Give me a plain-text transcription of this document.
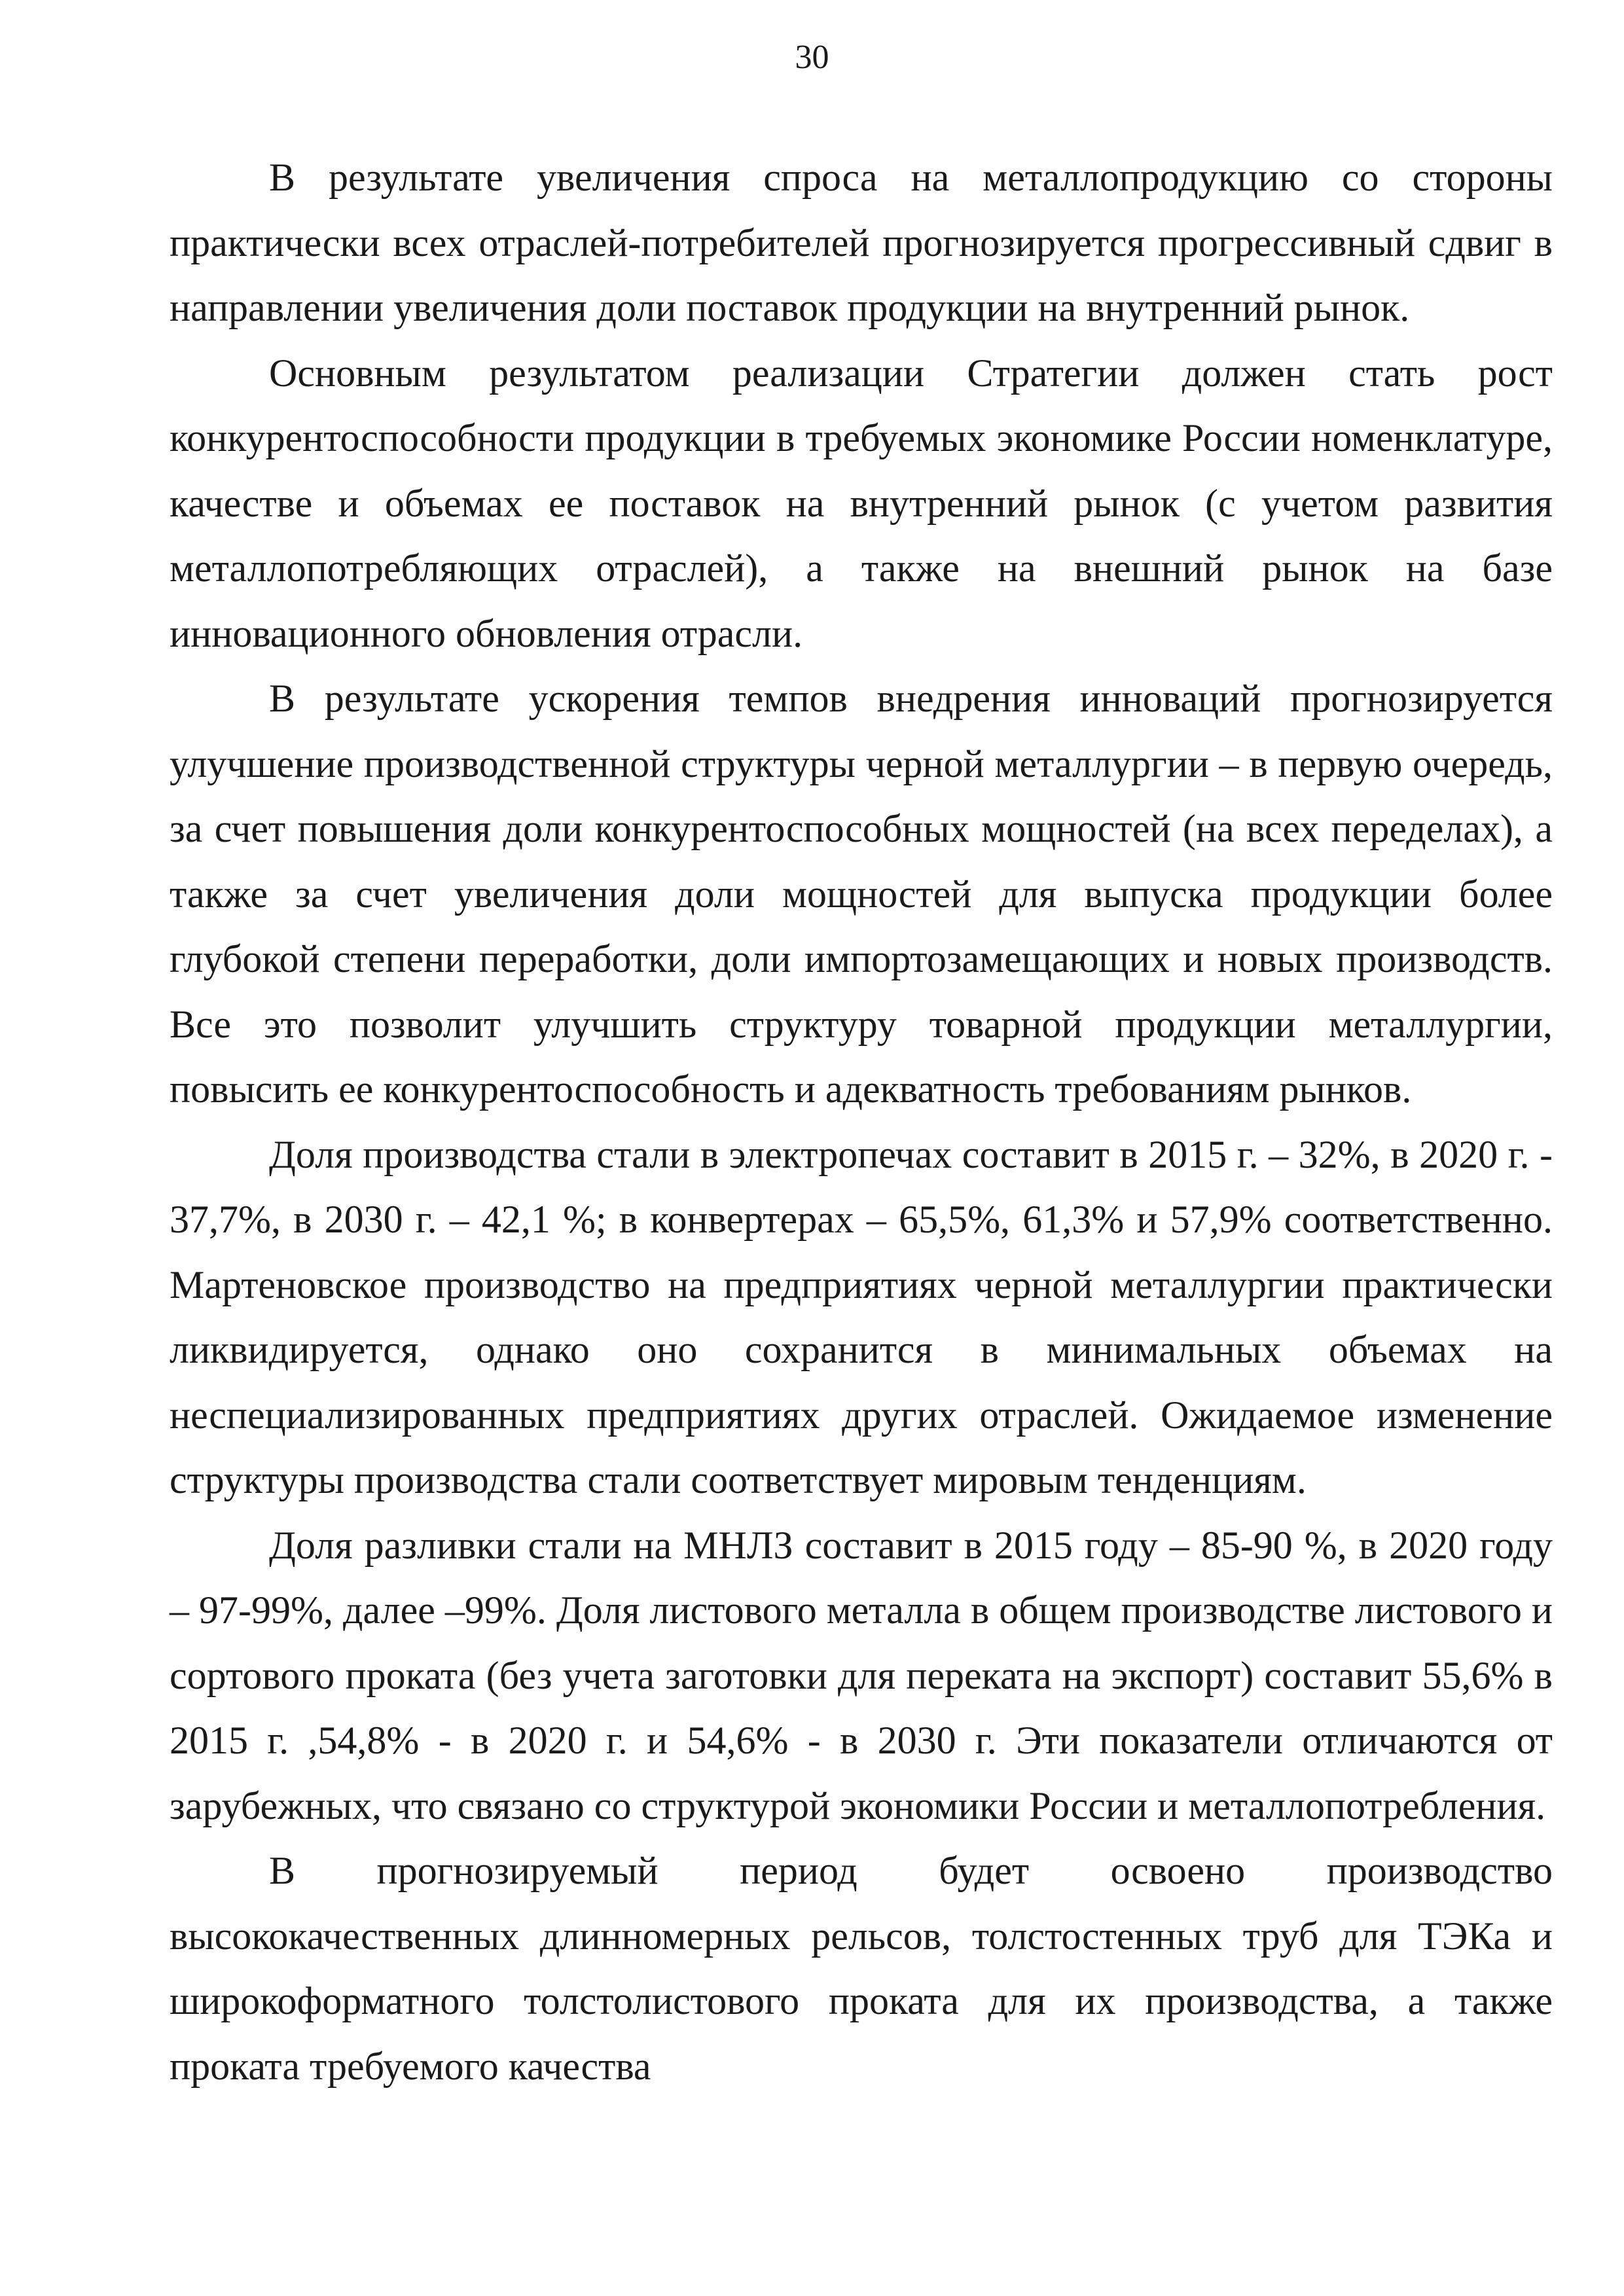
30

В результате увеличения спроса на металлопродукцию со стороны практически всех отраслей-потребителей прогнозируется прогрессивный сдвиг в направлении увеличения доли поставок продукции на внутренний рынок.

Основным результатом реализации Стратегии должен стать рост конкурентоспособности продукции в требуемых экономике России номенклатуре, качестве и объемах ее поставок на внутренний рынок (с учетом развития металлопотребляющих отраслей), а также на внешний рынок на базе инновационного обновления отрасли.

В результате ускорения темпов внедрения инноваций прогнозируется улучшение производственной структуры черной металлургии – в первую очередь, за счет повышения доли конкурентоспособных мощностей (на всех переделах), а также за счет увеличения доли мощностей для выпуска продукции более глубокой степени переработки, доли импортозамещающих и новых производств. Все это позволит улучшить структуру товарной продукции металлургии, повысить ее конкурентоспособность и адекватность требованиям рынков.

Доля производства стали в электропечах составит в 2015 г. – 32%, в 2020 г. - 37,7%, в 2030 г. – 42,1 %; в конвертерах – 65,5%, 61,3% и 57,9% соответственно. Мартеновское производство на предприятиях черной металлургии практически ликвидируется, однако оно сохранится в минимальных объемах на неспециализированных предприятиях других отраслей. Ожидаемое изменение структуры производства стали соответствует мировым тенденциям.

Доля разливки стали на МНЛЗ составит в 2015 году – 85-90 %, в 2020 году – 97-99%, далее –99%. Доля листового металла в общем производстве листового и сортового проката (без учета заготовки для переката на экспорт) составит 55,6% в 2015 г. ,54,8% - в 2020 г. и 54,6% - в 2030 г. Эти показатели отличаются от зарубежных, что связано со структурой экономики России и металлопотребления.

В прогнозируемый период будет освоено производство высококачественных длинномерных рельсов, толстостенных труб для ТЭКа и широкоформатного толстолистового проката для их производства, а также проката требуемого качества
